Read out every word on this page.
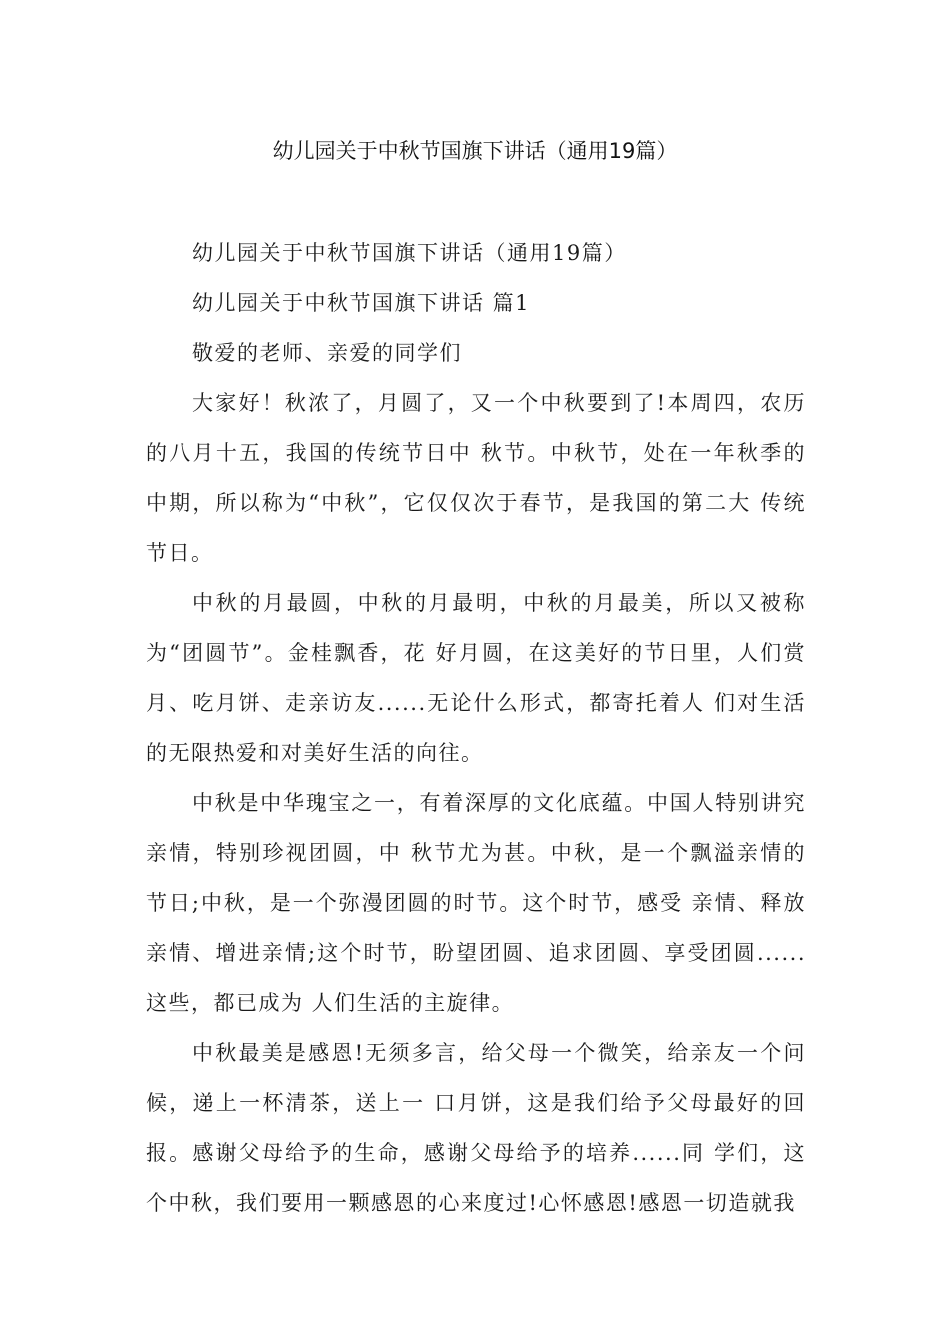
幼儿园关于中秋节国旗下讲话（通用19篇）

幼儿园关于中秋节国旗下讲话（通用19篇）

幼儿园关于中秋节国旗下讲话 篇1

敬爱的老师、亲爱的同学们

大家好！秋浓了，月圆了，又一个中秋要到了!本周四，农历的八月十五，我国的传统节日中 秋节。中秋节，处在一年秋季的中期，所以称为“中秋”，它仅仅次于春节，是我国的第二大 传统节日。

中秋的月最圆，中秋的月最明，中秋的月最美，所以又被称为“团圆节”。金桂飘香，花 好月圆，在这美好的节日里，人们赏月、吃月饼、走亲访友......无论什么形式，都寄托着人 们对生活的无限热爱和对美好生活的向往。

中秋是中华瑰宝之一，有着深厚的文化底蕴。中国人特别讲究亲情，特别珍视团圆，中 秋节尤为甚。中秋，是一个飘溢亲情的节日;中秋，是一个弥漫团圆的时节。这个时节，感受 亲情、释放亲情、增进亲情;这个时节，盼望团圆、追求团圆、享受团圆......这些，都已成为 人们生活的主旋律。

中秋最美是感恩!无须多言，给父母一个微笑，给亲友一个问候，递上一杯清茶，送上一 口月饼，这是我们给予父母最好的回报。感谢父母给予的生命，感谢父母给予的培养......同 学们，这个中秋，我们要用一颗感恩的心来度过!心怀感恩!感恩一切造就我
